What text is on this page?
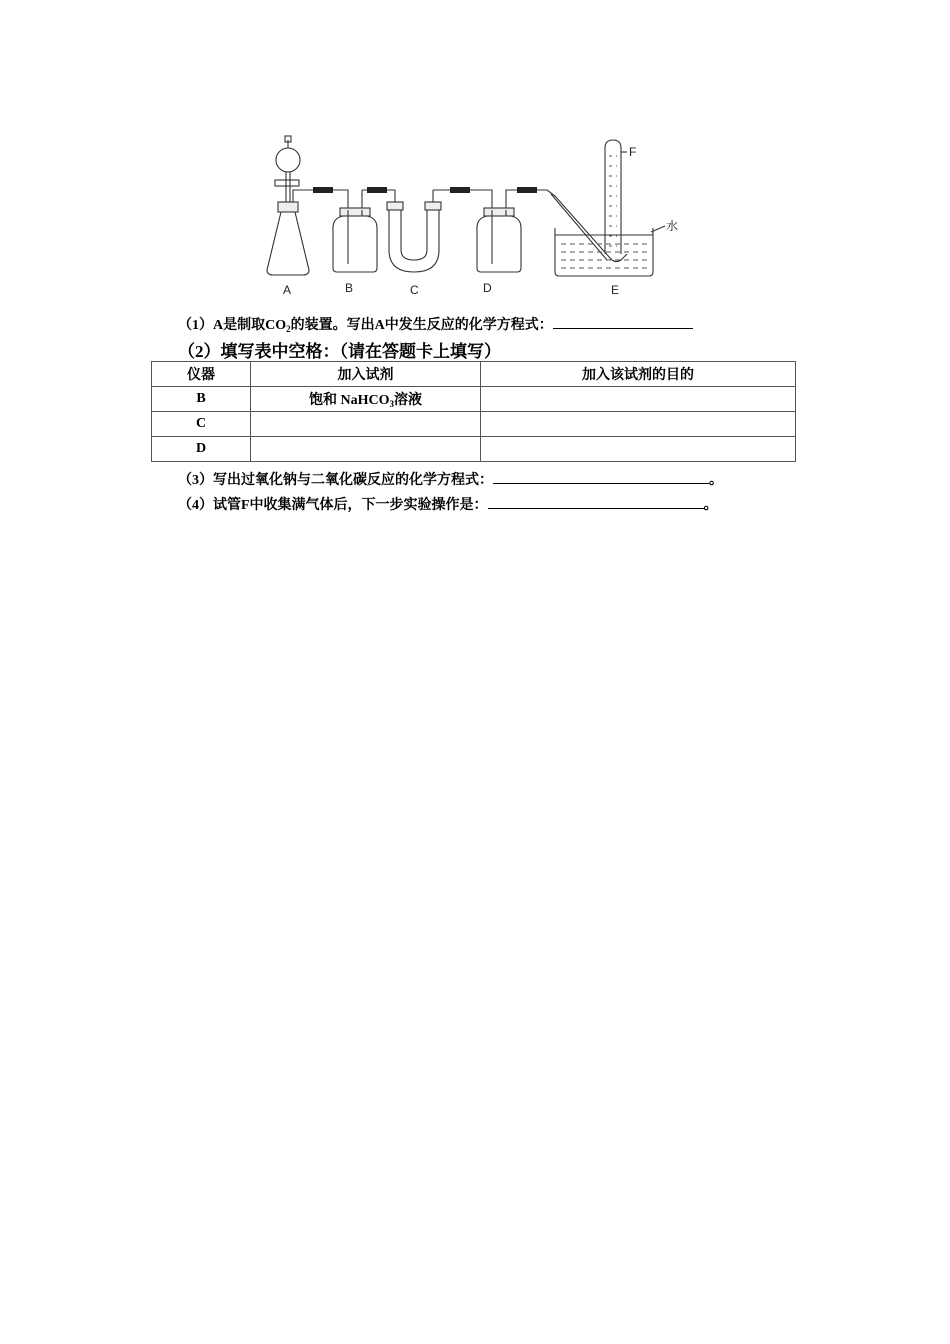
A	B	C	D	E
F
水
（1）A是制取$CO_2$的装置。写出A中发生反应的化学方程式：
（2）填写表中空格：（请在答题卡上填写）
仪器	加入试剂	加入该试剂的目的
B	饱和 NaHCO$_3$溶液	
C		
D		
（3）写出过氧化钠与二氧化碳反应的化学方程式：	。
（4）试管F中收集满气体后，下一步实验操作是：	。
